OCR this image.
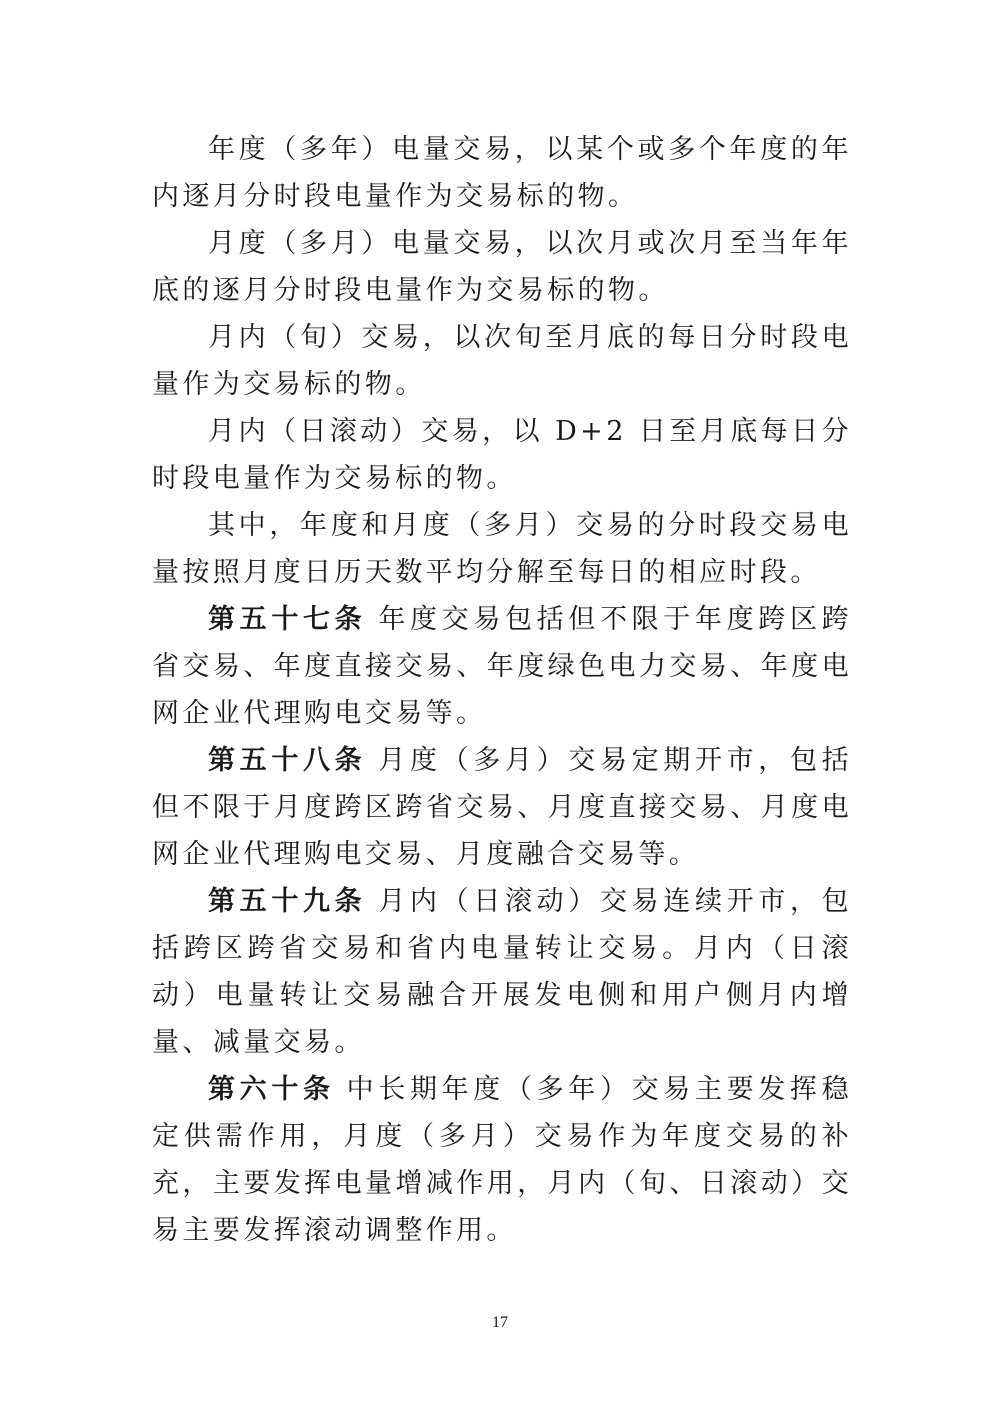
年度（多年）电量交易，以某个或多个年度的年内逐月分时段电量作为交易标的物。

月度（多月）电量交易，以次月或次月至当年年底的逐月分时段电量作为交易标的物。

月内（旬）交易，以次旬至月底的每日分时段电量作为交易标的物。

月内（日滚动）交易，以 D+2 日至月底每日分时段电量作为交易标的物。

其中，年度和月度（多月）交易的分时段交易电量按照月度日历天数平均分解至每日的相应时段。

第五十七条 年度交易包括但不限于年度跨区跨省交易、年度直接交易、年度绿色电力交易、年度电网企业代理购电交易等。

第五十八条 月度（多月）交易定期开市，包括但不限于月度跨区跨省交易、月度直接交易、月度电网企业代理购电交易、月度融合交易等。

第五十九条 月内（日滚动）交易连续开市，包括跨区跨省交易和省内电量转让交易。月内（日滚动）电量转让交易融合开展发电侧和用户侧月内增量、减量交易。

第六十条 中长期年度（多年）交易主要发挥稳定供需作用，月度（多月）交易作为年度交易的补充，主要发挥电量增减作用，月内（旬、日滚动）交易主要发挥滚动调整作用。

17
